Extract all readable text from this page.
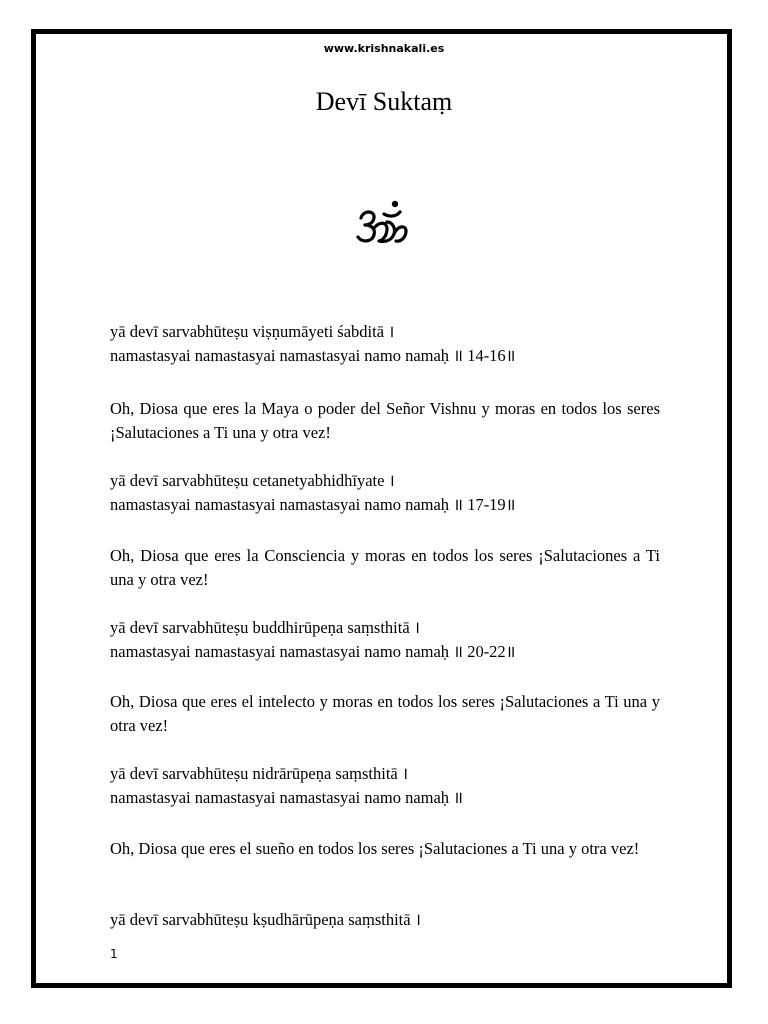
www.krishnakali.es
Devī Suktaṃ
yā devī sarvabhūteṣu viṣṇumāyeti śabditā ।
namastasyai namastasyai namastasyai namo namaḥ ॥ 14-16॥
Oh, Diosa que eres la Maya o poder del Señor Vishnu y moras en todos los seres ¡Salutaciones a Ti una y otra vez!
yā devī sarvabhūteṣu cetanetyabhidhīyate ।
namastasyai namastasyai namastasyai namo namaḥ ॥ 17-19॥
Oh, Diosa que eres la Consciencia y moras en todos los seres ¡Salutaciones a Ti una y otra vez!
yā devī sarvabhūteṣu buddhirūpeṇa saṃsthitā ।
namastasyai namastasyai namastasyai namo namaḥ ॥ 20-22॥
Oh, Diosa que eres el intelecto y moras en todos los seres ¡Salutaciones a Ti una y otra vez!
yā devī sarvabhūteṣu nidrārūpeṇa saṃsthitā ।
namastasyai namastasyai namastasyai namo namaḥ ॥
Oh, Diosa que eres el sueño en todos los seres ¡Salutaciones a Ti una y otra vez!
yā devī sarvabhūteṣu kṣudhārūpeṇa saṃsthitā ।
1
